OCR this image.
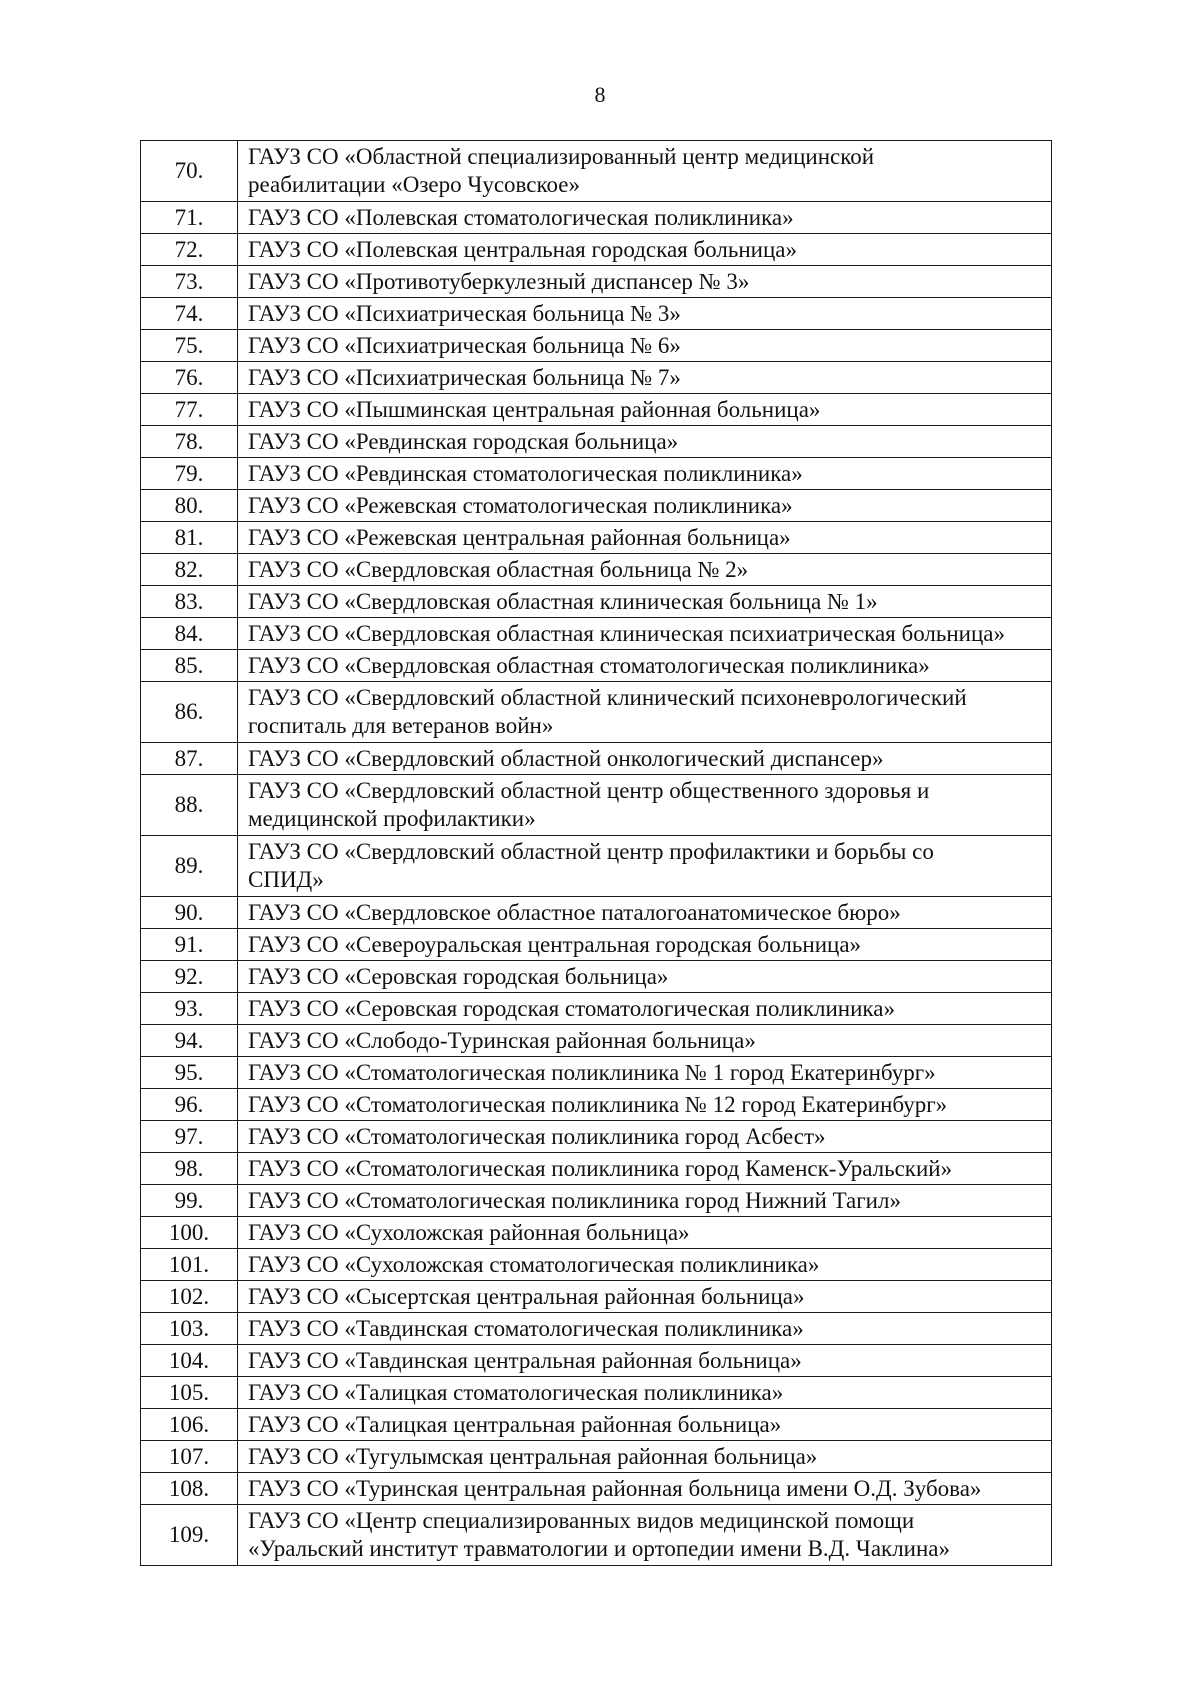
8
70.	ГАУЗ СО «Областной специализированный центр медицинской
реабилитации «Озеро Чусовское»

71.	ГАУЗ СО «Полевская стоматологическая поликлиника»

72.	ГАУЗ СО «Полевская центральная городская больница»

73.	ГАУЗ СО «Противотуберкулезный диспансер № 3»

74.	ГАУЗ СО «Психиатрическая больница № 3»

75.	ГАУЗ СО «Психиатрическая больница № 6»

76.	ГАУЗ СО «Психиатрическая больница № 7»

77.	ГАУЗ СО «Пышминская центральная районная больница»

78.	ГАУЗ СО «Ревдинская городская больница»

79.	ГАУЗ СО «Ревдинская стоматологическая поликлиника»

80.	ГАУЗ СО «Режевская стоматологическая поликлиника»

81.	ГАУЗ СО «Режевская центральная районная больница»

82.	ГАУЗ СО «Свердловская областная больница № 2»

83.	ГАУЗ СО «Свердловская областная клиническая больница № 1»

84.	ГАУЗ СО «Свердловская областная клиническая психиатрическая больница»

85.	ГАУЗ СО «Свердловская областная стоматологическая поликлиника»

86.	ГАУЗ СО «Свердловский областной клинический психоневрологический
госпиталь для ветеранов войн»

87.	ГАУЗ СО «Свердловский областной онкологический диспансер»

88.	ГАУЗ СО «Свердловский областной центр общественного здоровья и
медицинской профилактики»

89.	ГАУЗ СО «Свердловский областной центр профилактики и борьбы со
СПИД»

90.	ГАУЗ СО «Свердловское областное паталогоанатомическое бюро»

91.	ГАУЗ СО «Североуральская центральная городская больница»

92.	ГАУЗ СО «Серовская городская больница»

93.	ГАУЗ СО «Серовская городская стоматологическая поликлиника»

94.	ГАУЗ СО «Слободо-Туринская районная больница»

95.	ГАУЗ СО «Стоматологическая поликлиника № 1 город Екатеринбург»

96.	ГАУЗ СО «Стоматологическая поликлиника № 12 город Екатеринбург»

97.	ГАУЗ СО «Стоматологическая поликлиника город Асбест»

98.	ГАУЗ СО «Стоматологическая поликлиника город Каменск-Уральский»

99.	ГАУЗ СО «Стоматологическая поликлиника город Нижний Тагил»

100.	ГАУЗ СО «Сухоложская районная больница»

101.	ГАУЗ СО «Сухоложская стоматологическая поликлиника»

102.	ГАУЗ СО «Сысертская центральная районная больница»

103.	ГАУЗ СО «Тавдинская стоматологическая поликлиника»

104.	ГАУЗ СО «Тавдинская центральная районная больница»

105.	ГАУЗ СО «Талицкая стоматологическая поликлиника»

106.	ГАУЗ СО «Талицкая центральная районная больница»

107.	ГАУЗ СО «Тугулымская центральная районная больница»

108.	ГАУЗ СО «Туринская центральная районная больница имени О.Д. Зубова»

109.	ГАУЗ СО «Центр специализированных видов медицинской помощи
«Уральский институт травматологии и ортопедии имени В.Д. Чаклина»
